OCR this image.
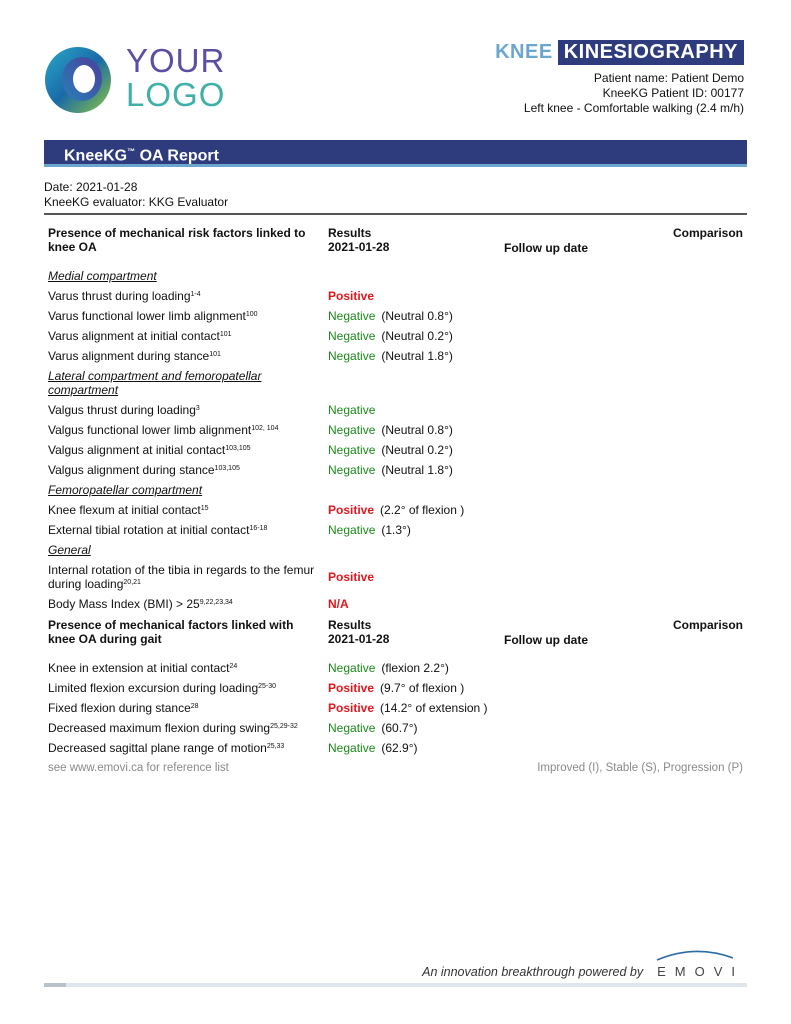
YOUR
LOGO
KNEE KINESIOGRAPHY
Patient name: Patient Demo
KneeKG Patient ID: 00177
Left knee - Comfortable walking (2.4 m/h)
KneeKG™ OA Report
Date: 2021-01-28
KneeKG evaluator: KKG Evaluator
Presence of mechanical risk factors linked to knee OA	Results
2021-01-28	Follow up date	Comparison
Medial compartment			
Varus thrust during loading$^{1-4}$	Positive		
Varus functional lower limb alignment$^{100}$	Negative (Neutral 0.8°)		
Varus alignment at initial contact$^{101}$	Negative (Neutral 0.2°)		
Varus alignment during stance$^{101}$	Negative (Neutral 1.8°)		
Lateral compartment and femoropatellar compartment			
Valgus thrust during loading$^3$	Negative		
Valgus functional lower limb alignment$^{102, 104}$	Negative (Neutral 0.8°)		
Valgus alignment at initial contact$^{103,105}$	Negative (Neutral 0.2°)		
Valgus alignment during stance$^{103,105}$	Negative (Neutral 1.8°)		
Femoropatellar compartment			
Knee flexum at initial contact$^{15}$	Positive (2.2° of flexion )		
External tibial rotation at initial contact$^{16-18}$	Negative (1.3°)		
General			
Internal rotation of the tibia in regards to the femur during loading$^{20,21}$	Positive		
Body Mass Index (BMI) > 25$^{9,22,23,34}$	N/A		
Presence of mechanical factors linked with knee OA during gait	Results
2021-01-28	Follow up date	Comparison
Knee in extension at initial contact$^{24}$	Negative (flexion 2.2°)		
Limited flexion excursion during loading$^{25-30}$	Positive (9.7° of flexion )		
Fixed flexion during stance$^{28}$	Positive (14.2° of extension )		
Decreased maximum flexion during swing$^{25,29-32}$	Negative (60.7°)		
Decreased sagittal plane range of motion$^{25,33}$	Negative (62.9°)		
see www.emovi.ca for reference list	Improved (I), Stable (S), Progression (P)		
An innovation breakthrough powered by EMOVI
